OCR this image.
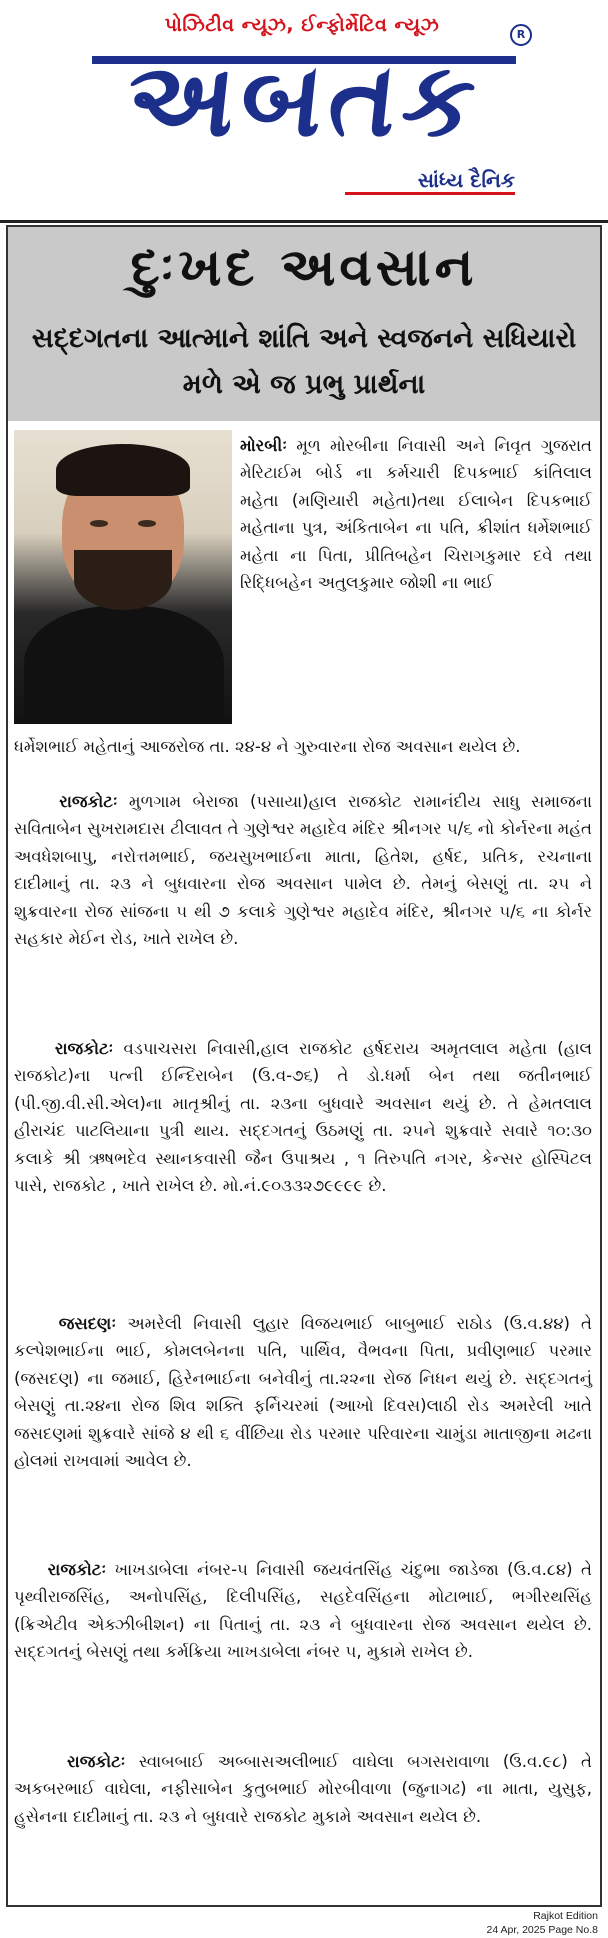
પોઝિટીવ ન્યૂઝ, ઈન્ફોર્મેટિવ ન્યૂઝ	R
અબતક
સાંધ્ય દૈનિક
દુઃખદ અવસાન
સદ્દગતના આત્માને શાંતિ અને સ્વજનને સધિયારો મળે એ જ પ્રભુ પ્રાર્થના
મોરબીઃ મૂળ મોરબીના નિવાસી અને નિવૃત ગુજરાત મેરિટાઈમ બોર્ડ ના કર્મચારી દિપકભાઈ કાંતિલાલ મહેતા (મણિયારી મહેતા)તથા ઈલાબેન દિપકભાઈ મહેતાના પુત્ર, અંકિતાબેન ના પતિ, ક્રીશાંત ધર્મેશભાઈ મહેતા ના પિતા, પ્રીતિબહેન ચિરાગકુમાર દવે તથા રિદ્ધિબહેન અતુલકુમાર જોશી ના ભાઈ
ધર્મેશભાઈ મહેતાનું આજરોજ તા. ૨૪-૪ ને ગુરુવારના રોજ અવસાન થયેલ છે.
રાજકોટઃ મુળગામ બેરાજા (પસાયા)હાલ રાજકોટ રામાનંદીય સાધુ સમાજના સવિતાબેન સુખરામદાસ ટીલાવત તે ગુણેશ્વર મહાદેવ મંદિર શ્રીનગર ૫/૬ નો કોર્નરના મહંત અવધેશબાપુ, નરોત્તમભાઈ, જયસુખભાઈના માતા, હિતેશ, હર્ષદ, પ્રતિક, રચનાના દાદીમાનું તા. ૨૩ ને બુધવારના રોજ અવસાન પામેલ છે. તેમનું બેસણું તા. ૨૫ ને શુક્રવારના રોજ સાંજના ૫ થી ૭ કલાકે ગુણેશ્વર મહાદેવ મંદિર, શ્રીનગર ૫/૬ ના કોર્નર સહકાર મેઈન રોડ, ખાતે રાખેલ છે.
રાજકોટઃ વડપાચસરા નિવાસી,હાલ રાજકોટ હર્ષદરાય અમૃતલાલ મહેતા (હાલ રાજકોટ)ના પત્ની ઈન્દિરાબેન (ઉ.વ-૭૬) તે ડો.ધર્મા બેન તથા જતીનભાઈ (પી.જી.વી.સી.એલ)ના માતૃશ્રીનું તા. ૨૩ના બુધવારે અવસાન થયું છે. તે હેમતલાલ હીરાચંદ પાટલિયાના પુત્રી થાય. સદ્દગતનું ઉઠમણું તા. ૨૫ને શુક્રવારે સવારે ૧૦:૩૦ કલાકે શ્રી ઋષભદેવ સ્થાનકવાસી જૈન ઉપાશ્રય , ૧ તિરુપતિ નગર, કેન્સર હોસ્પિટલ પાસે, રાજકોટ , ખાતે રાખેલ છે. મો.નં.૯૦૩૩૨૭૯૯૯૯ છે.
જસદણઃ અમરેલી નિવાસી લુહાર વિજયભાઈ બાબુભાઈ રાઠોડ (ઉ.વ.૪૪) તે કલ્પેશભાઈના ભાઈ, કોમલબેનના પતિ, પાર્થિવ, વૈભવના પિતા, પ્રવીણભાઈ પરમાર (જસદણ) ના જમાઈ, હિરેનભાઈના બનેવીનું તા.૨૨ના રોજ નિધન થયું છે. સદ્દગતનું બેસણું તા.૨૪ના રોજ શિવ શક્તિ ફર્નિચરમાં (આખો દિવસ)લાઠી રોડ અમરેલી ખાતે જસદણમાં શુક્રવારે સાંજે ૪ થી ૬ વીંછિયા રોડ પરમાર પરિવારના ચામુંડા માતાજીના મઢના હોલમાં રાખવામાં આવેલ છે.
રાજકોટઃ ખાખડાબેલા નંબર-૫ નિવાસી જયવંતસિંહ ચંદુભા જાડેજા (ઉ.વ.૮૪) તે પૃથ્વીરાજસિંહ, અનોપસિંહ, દિલીપસિંહ, સહદેવસિંહના મોટાભાઈ, ભગીરથસિંહ (ક્રિએટીવ એક્ઝીબીશન) ના પિતાનું તા. ૨૩ ને બુધવારના રોજ અવસાન થયેલ છે. સદ્દગતનું બેસણું તથા કર્મક્રિયા ખાખડાબેલા નંબર ૫, મુકામે રાખેલ છે.
રાજકોટઃ સ્વાબબાઈ અબ્બાસઅલીભાઈ વાઘેલા બગસરાવાળા (ઉ.વ.૯૮) તે અકબરભાઈ વાઘેલા, નફીસાબેન કુતુબભાઈ મોરબીવાળા (જુનાગઢ) ના માતા, યુસુફ, હુસેનના દાદીમાનું તા. ૨૩ ને બુધવારે રાજકોટ મુકામે અવસાન થયેલ છે.
Rajkot Edition
24 Apr, 2025 Page No.8
